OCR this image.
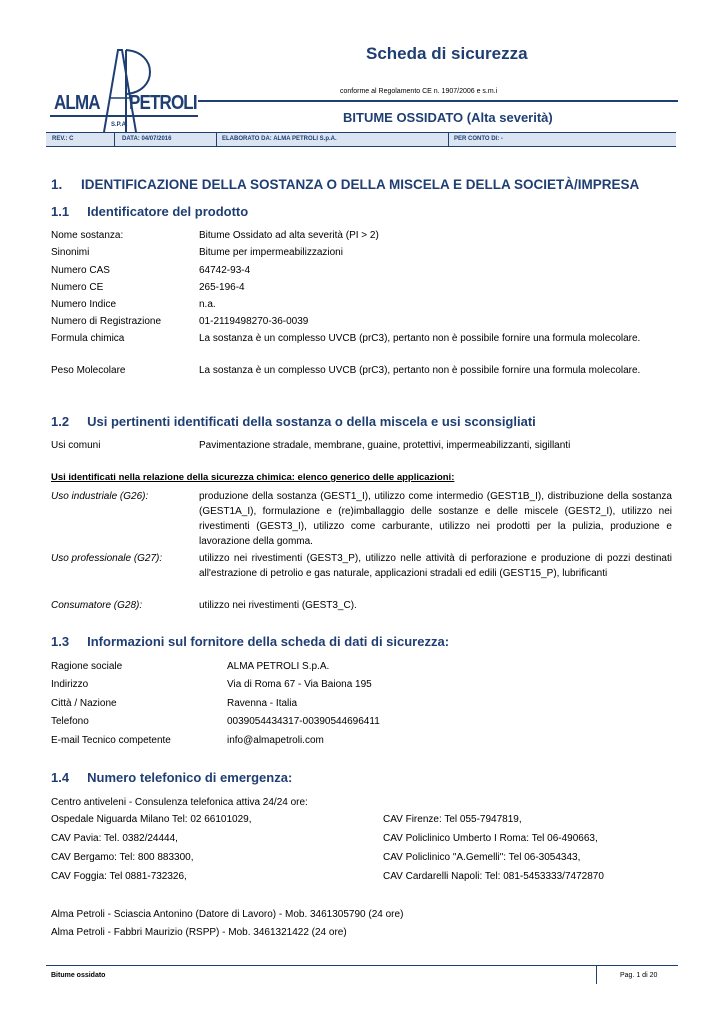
ALMA PETROLI
S.P.A.
Scheda di sicurezza
conforme al Regolamento CE n. 1907/2006 e s.m.i
BITUME OSSIDATO (Alta severità)
REV.: C	DATA: 04/07/2016	ELABORATO DA: ALMA PETROLI S.p.A.	PER CONTO DI: -
1.     IDENTIFICAZIONE DELLA SOSTANZA O DELLA MISCELA E DELLA SOCIETÀ/IMPRESA
1.1     Identificatore del prodotto
Nome sostanza:	Bitume Ossidato ad alta severità (PI > 2)
Sinonimi	Bitume per impermeabilizzazioni
Numero CAS	64742-93-4
Numero CE	265-196-4
Numero Indice	n.a.
Numero di Registrazione	01-2119498270-36-0039
Formula chimica	La sostanza è un complesso UVCB (prC3), pertanto non è possibile fornire una formula molecolare.
Peso Molecolare	La sostanza è un complesso UVCB (prC3), pertanto non è possibile fornire una formula molecolare.
1.2     Usi pertinenti identificati della sostanza o della miscela e usi sconsigliati
Usi comuni	Pavimentazione stradale, membrane, guaine, protettivi, impermeabilizzanti, sigillanti
Usi identificati nella relazione della sicurezza chimica: elenco generico delle applicazioni:
Uso industriale (G26):	produzione della sostanza (GEST1_I), utilizzo come intermedio (GEST1B_I), distribuzione della sostanza (GEST1A_I), formulazione e (re)imballaggio delle sostanze e delle miscele (GEST2_I), utilizzo nei rivestimenti (GEST3_I), utilizzo come carburante, utilizzo nei prodotti per la pulizia, produzione e lavorazione della gomma.
Uso professionale (G27):	utilizzo nei rivestimenti (GEST3_P), utilizzo nelle attività di perforazione e produzione di pozzi destinati all'estrazione di petrolio e gas naturale, applicazioni stradali ed edili (GEST15_P), lubrificanti
Consumatore (G28):	utilizzo nei rivestimenti (GEST3_C).
1.3     Informazioni sul fornitore della scheda di dati di sicurezza:
Ragione sociale	ALMA PETROLI S.p.A.
Indirizzo	Via di Roma 67 - Via Baiona 195
Città / Nazione	Ravenna - Italia
Telefono	0039054434317-00390544696411
E-mail Tecnico competente	info@almapetroli.com
1.4     Numero telefonico di emergenza:
Centro antiveleni - Consulenza telefonica attiva 24/24 ore:
Ospedale Niguarda Milano Tel: 02 66101029,
CAV Pavia: Tel. 0382/24444,
CAV Bergamo: Tel: 800 883300,
CAV Foggia: Tel 0881-732326,
CAV Firenze: Tel 055-7947819,
CAV Policlinico Umberto I Roma: Tel 06-490663,
CAV Policlinico "A.Gemelli": Tel 06-3054343,
CAV Cardarelli Napoli: Tel: 081-5453333/7472870
Alma Petroli - Sciascia Antonino (Datore di Lavoro) - Mob. 3461305790 (24 ore)
Alma Petroli - Fabbri Maurizio (RSPP) - Mob. 3461321422 (24 ore)
Bitume ossidato	Pag. 1 di 20
